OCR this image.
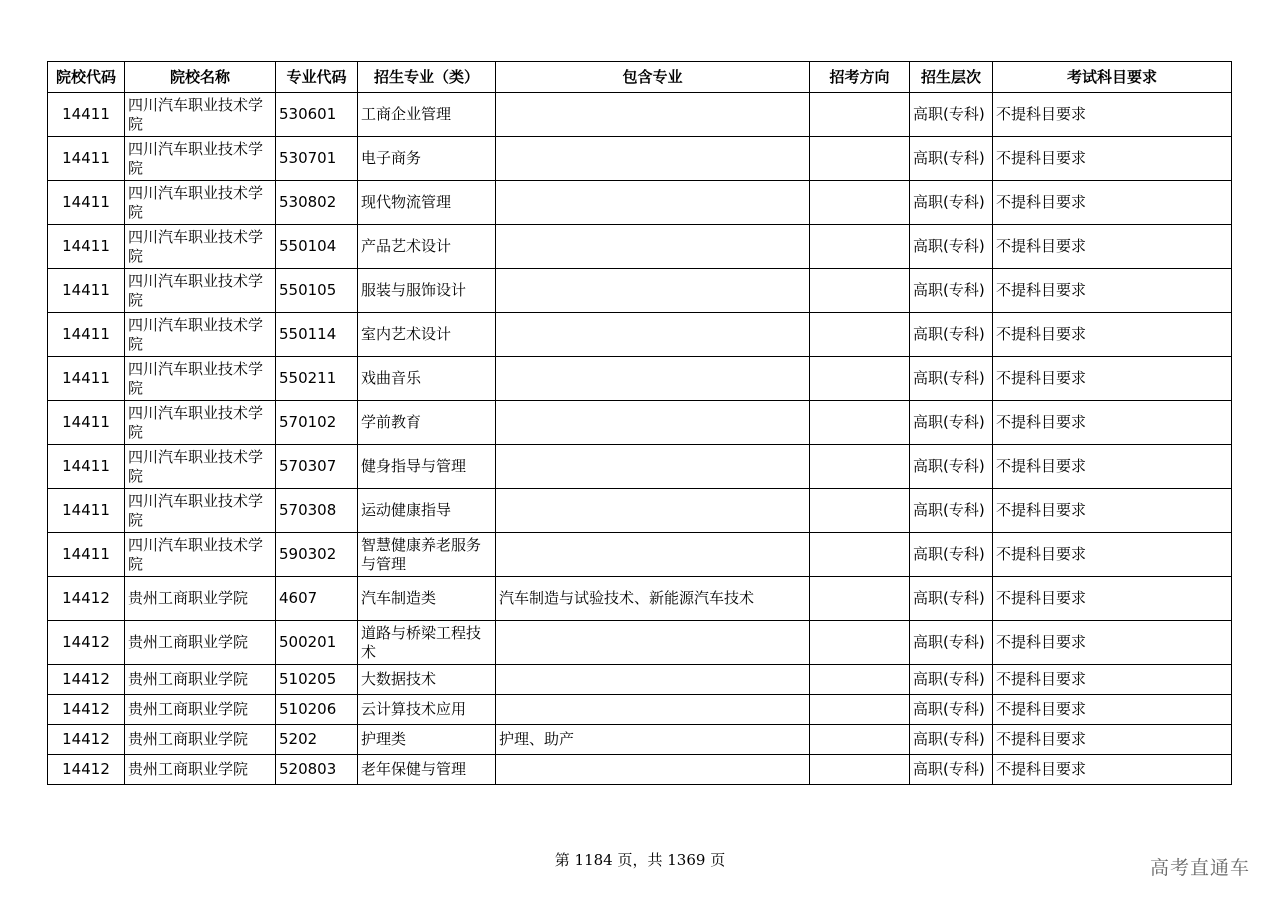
院校代码	院校名称	专业代码	招生专业（类）	包含专业	招考方向	招生层次	考试科目要求
14411	四川汽车职业技术学院	530601	工商企业管理			高职(专科)	不提科目要求
14411	四川汽车职业技术学院	530701	电子商务			高职(专科)	不提科目要求
14411	四川汽车职业技术学院	530802	现代物流管理			高职(专科)	不提科目要求
14411	四川汽车职业技术学院	550104	产品艺术设计			高职(专科)	不提科目要求
14411	四川汽车职业技术学院	550105	服装与服饰设计			高职(专科)	不提科目要求
14411	四川汽车职业技术学院	550114	室内艺术设计			高职(专科)	不提科目要求
14411	四川汽车职业技术学院	550211	戏曲音乐			高职(专科)	不提科目要求
14411	四川汽车职业技术学院	570102	学前教育			高职(专科)	不提科目要求
14411	四川汽车职业技术学院	570307	健身指导与管理			高职(专科)	不提科目要求
14411	四川汽车职业技术学院	570308	运动健康指导			高职(专科)	不提科目要求
14411	四川汽车职业技术学院	590302	智慧健康养老服务与管理			高职(专科)	不提科目要求
14412	贵州工商职业学院	4607	汽车制造类	汽车制造与试验技术、新能源汽车技术		高职(专科)	不提科目要求
14412	贵州工商职业学院	500201	道路与桥梁工程技术			高职(专科)	不提科目要求
14412	贵州工商职业学院	510205	大数据技术			高职(专科)	不提科目要求
14412	贵州工商职业学院	510206	云计算技术应用			高职(专科)	不提科目要求
14412	贵州工商职业学院	5202	护理类	护理、助产		高职(专科)	不提科目要求
14412	贵州工商职业学院	520803	老年保健与管理			高职(专科)	不提科目要求
第 1184 页，共 1369 页	高考直通车
